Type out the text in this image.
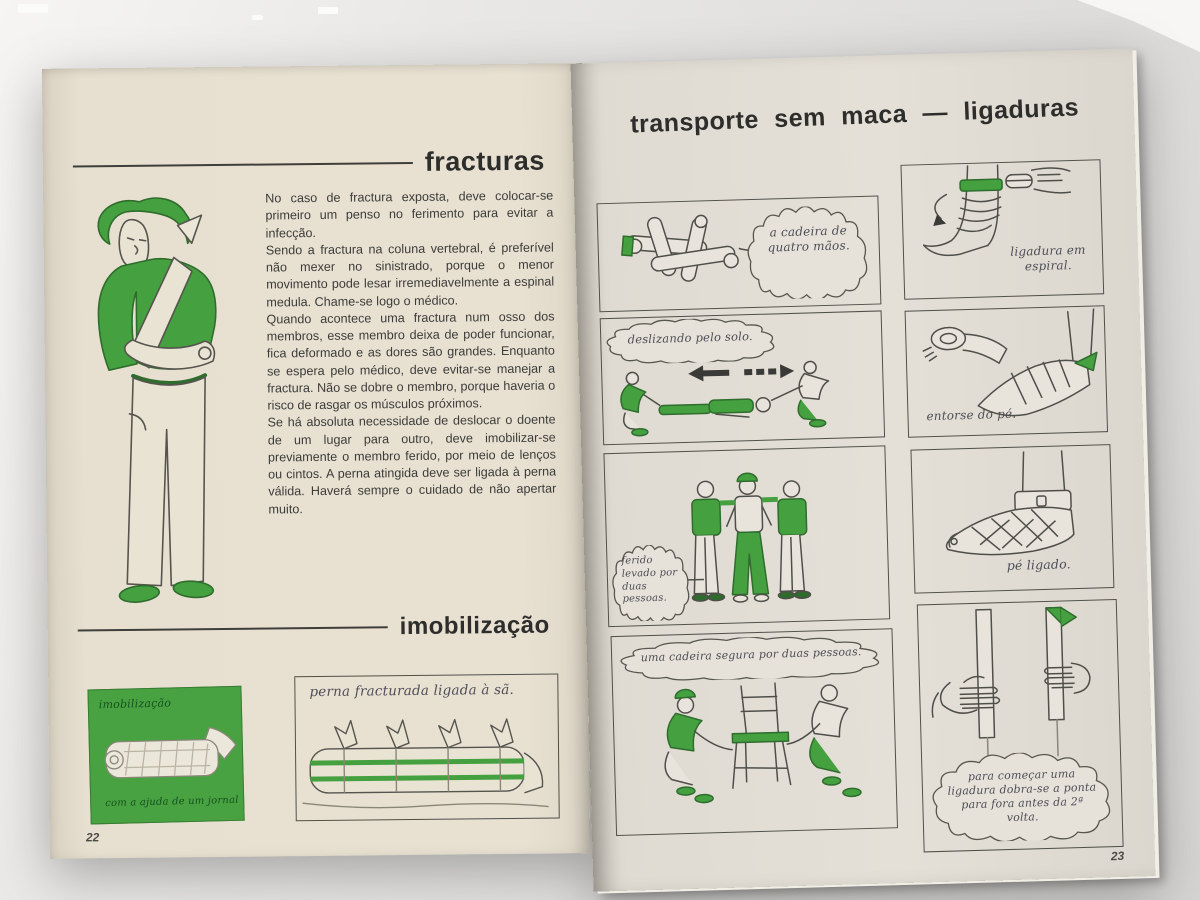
fracturas

No caso de fractura exposta, deve colocar-se primeiro um penso no ferimento para evitar a infecção.

Sendo a fractura na coluna vertebral, é preferível não mexer no sinistrado, porque o menor movimento pode lesar irremediavelmente a espinal medula. Chame-se logo o médico.

Quando acontece uma fractura num osso dos membros, esse membro deixa de poder funcionar, fica deformado e as dores são grandes. Enquanto se espera pelo médico, deve evitar-se manejar a fractura. Não se dobre o membro, porque haveria o risco de rasgar os músculos próximos.

Se há absoluta necessidade de deslocar o doente de um lugar para outro, deve imobilizar-se previamente o membro ferido, por meio de lenços ou cintos. A perna atingida deve ser ligada à perna válida. Haverá sempre o cuidado de não apertar muito.

imobilização
imobilização
com a ajuda de um jornal
perna fracturada ligada à sã.
22
transporte sem maca — ligaduras
a cadeira de quatro mãos.
deslizando pelo solo.
ferido levado por duas pessoas.
uma cadeira segura por duas pessoas.
ligadura em espiral.
entorse do pé.
pé ligado.
para começar uma ligadura dobra-se a ponta para fora antes da 2ª volta.
23
